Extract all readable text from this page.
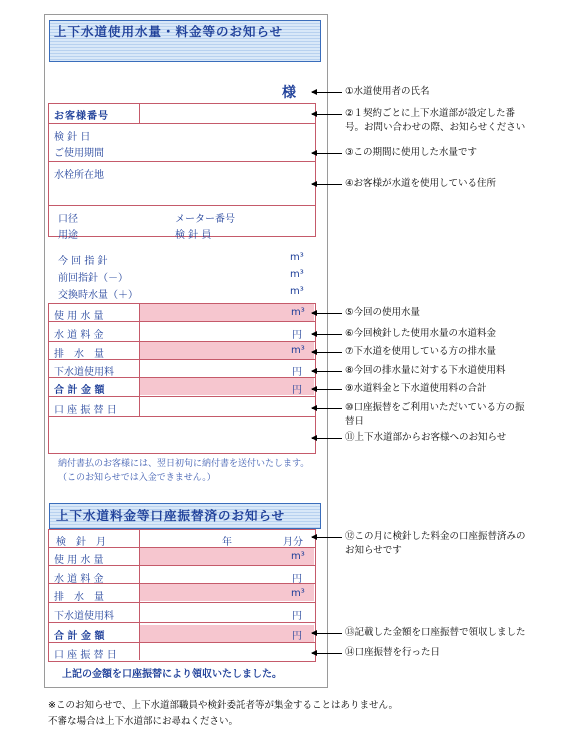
上下水道使用水量・料金等のお知らせ
様
お客様番号
検 針 日
ご使用期間
水栓所在地
口径	メーター番号
用途	検 針 員
今 回 指 針	m³
前回指針（－）	m³
交換時水量（＋）	m³
使 用 水 量	m³
水 道 料 金	円
排　水　量	m³
下水道使用料	円
合 計 金 額	円
口 座 振 替 日
納付書払のお客様には、翌日初旬に納付書を送付いたします。
（このお知らせでは入金できません。）
上下水道料金等口座振替済のお知らせ
検　針　月	年	月分
使 用 水 量	m³
水 道 料 金	円
排　水　量	m³
下水道使用料	円
合 計 金 額	円
口 座 振 替 日
上記の金額を口座振替により領収いたしました。
①水道使用者の氏名
②１契約ごとに上下水道部が設定した番
号。お問い合わせの際、お知らせください
③この期間に使用した水量です
④お客様が水道を使用している住所
⑤今回の使用水量
⑥今回検針した使用水量の水道料金
⑦下水道を使用している方の排水量
⑧今回の排水量に対する下水道使用料
⑨水道料金と下水道使用料の合計
⑩口座振替をご利用いただいている方の振
替日
⑪上下水道部からお客様へのお知らせ
⑫この月に検針した料金の口座振替済みの
お知らせです
⑬記載した金額を口座振替で領収しました
⑭口座振替を行った日
※このお知らせで、上下水道部職員や検針委託者等が集金することはありません。
不審な場合は上下水道部にお尋ねください。
